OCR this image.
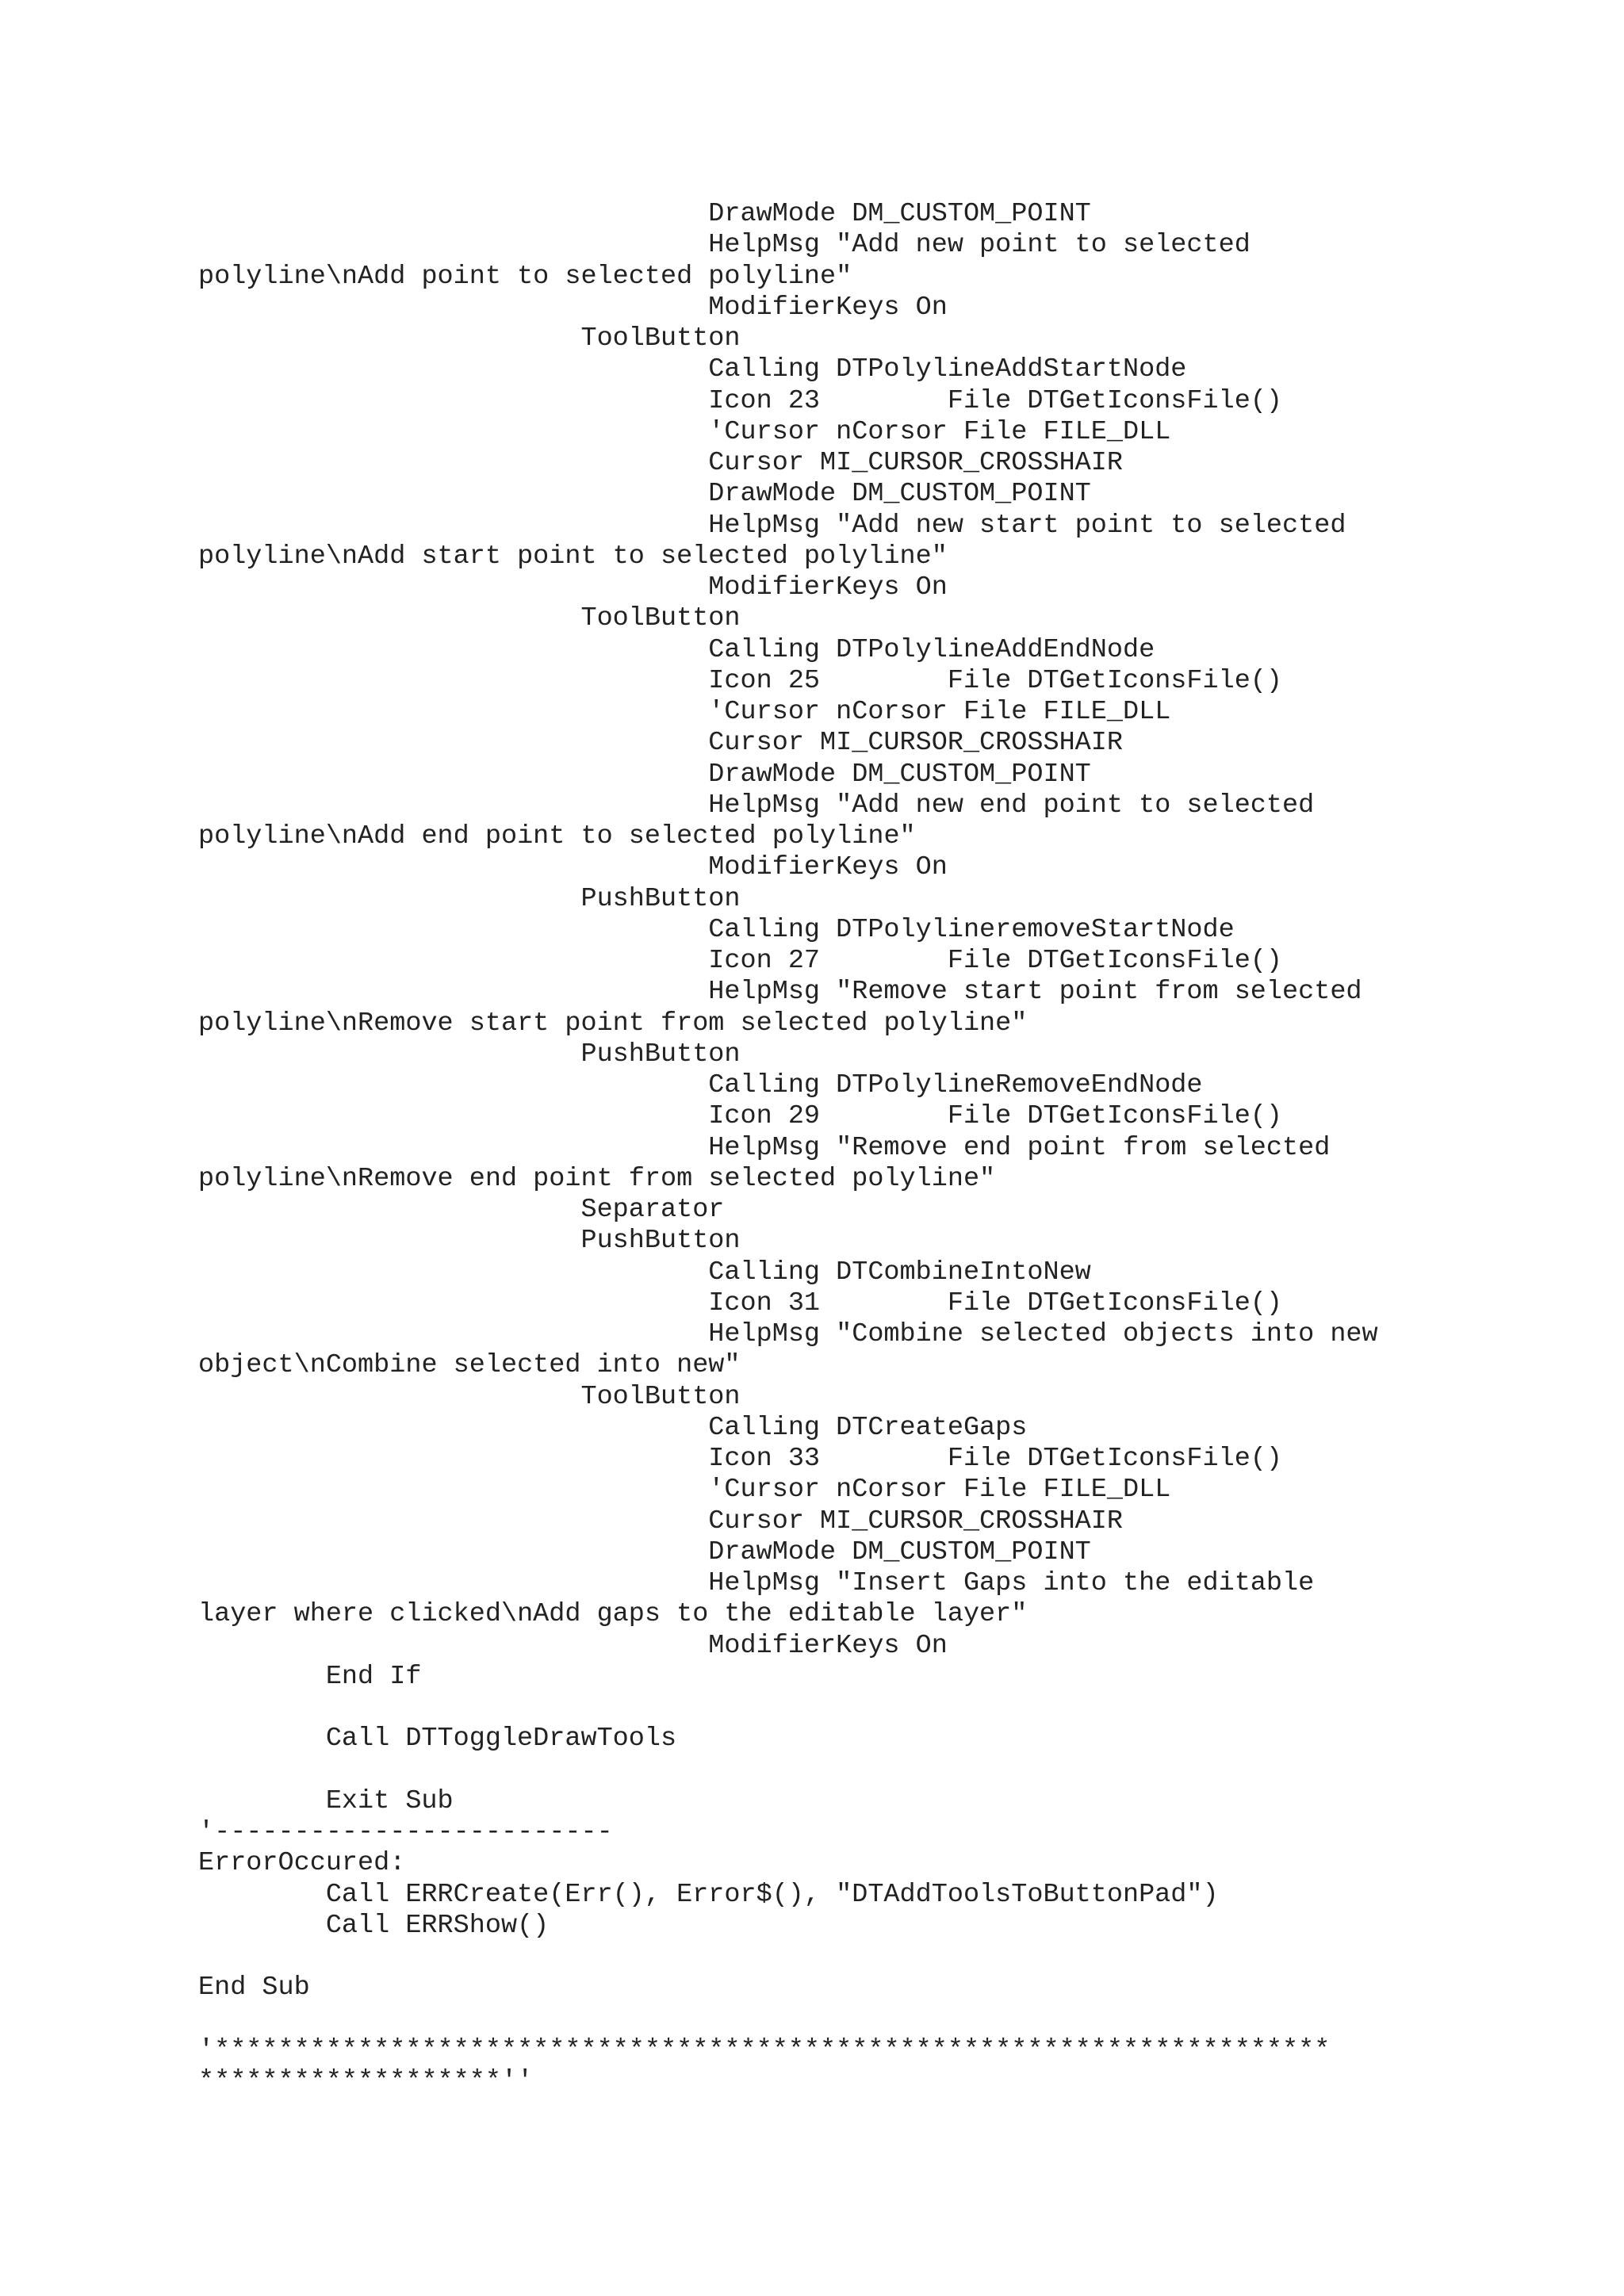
DrawMode DM_CUSTOM_POINT
HelpMsg "Add new point to selected
polyline\nAdd point to selected polyline"
ModifierKeys On
ToolButton
Calling DTPolylineAddStartNode
Icon 23        File DTGetIconsFile()
'Cursor nCorsor File FILE_DLL
Cursor MI_CURSOR_CROSSHAIR
DrawMode DM_CUSTOM_POINT
HelpMsg "Add new start point to selected
polyline\nAdd start point to selected polyline"
ModifierKeys On
ToolButton
Calling DTPolylineAddEndNode
Icon 25        File DTGetIconsFile()
'Cursor nCorsor File FILE_DLL
Cursor MI_CURSOR_CROSSHAIR
DrawMode DM_CUSTOM_POINT
HelpMsg "Add new end point to selected
polyline\nAdd end point to selected polyline"
ModifierKeys On
PushButton
Calling DTPolylineremoveStartNode
Icon 27        File DTGetIconsFile()
HelpMsg "Remove start point from selected
polyline\nRemove start point from selected polyline"
PushButton
Calling DTPolylineRemoveEndNode
Icon 29        File DTGetIconsFile()
HelpMsg "Remove end point from selected
polyline\nRemove end point from selected polyline"
Separator
PushButton
Calling DTCombineIntoNew
Icon 31        File DTGetIconsFile()
HelpMsg "Combine selected objects into new
object\nCombine selected into new"
ToolButton
Calling DTCreateGaps
Icon 33        File DTGetIconsFile()
'Cursor nCorsor File FILE_DLL
Cursor MI_CURSOR_CROSSHAIR
DrawMode DM_CUSTOM_POINT
HelpMsg "Insert Gaps into the editable
layer where clicked\nAdd gaps to the editable layer"
ModifierKeys On
End If
Call DTToggleDrawTools
Exit Sub
'-------------------------
ErrorOccured:
Call ERRCreate(Err(), Error$(), "DTAddToolsToButtonPad")
Call ERRShow()
End Sub
'**********************************************************************
*******************''
